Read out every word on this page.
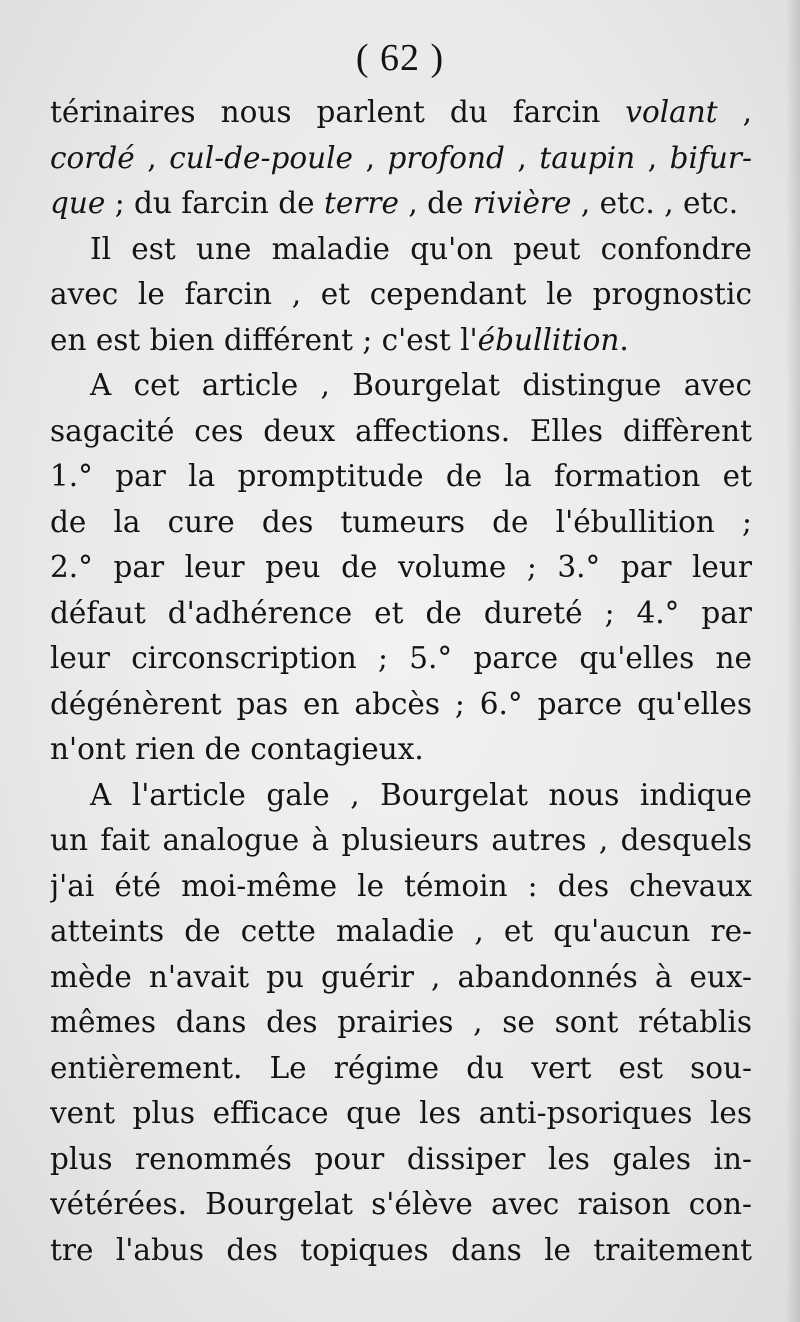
( 62 )

térinaires nous parlent du farcin volant ,
cordé , cul-de-poule , profond , taupin , bifur-
que ; du farcin de terre , de rivière , etc. , etc.
Il est une maladie qu'on peut confondre
avec le farcin , et cependant le prognostic
en est bien différent ; c'est l'ébullition.
A cet article , Bourgelat distingue avec
sagacité ces deux affections. Elles diffèrent
1.° par la promptitude de la formation et
de la cure des tumeurs de l'ébullition ;
2.° par leur peu de volume ; 3.° par leur
défaut d'adhérence et de dureté ; 4.° par
leur circonscription ; 5.° parce qu'elles ne
dégénèrent pas en abcès ; 6.° parce qu'elles
n'ont rien de contagieux.
A l'article gale , Bourgelat nous indique
un fait analogue à plusieurs autres , desquels
j'ai été moi-même le témoin : des chevaux
atteints de cette maladie , et qu'aucun re-
mède n'avait pu guérir , abandonnés à eux-
mêmes dans des prairies , se sont rétablis
entièrement. Le régime du vert est sou-
vent plus efficace que les anti-psoriques les
plus renommés pour dissiper les gales in-
vétérées. Bourgelat s'élève avec raison con-
tre l'abus des topiques dans le traitement
